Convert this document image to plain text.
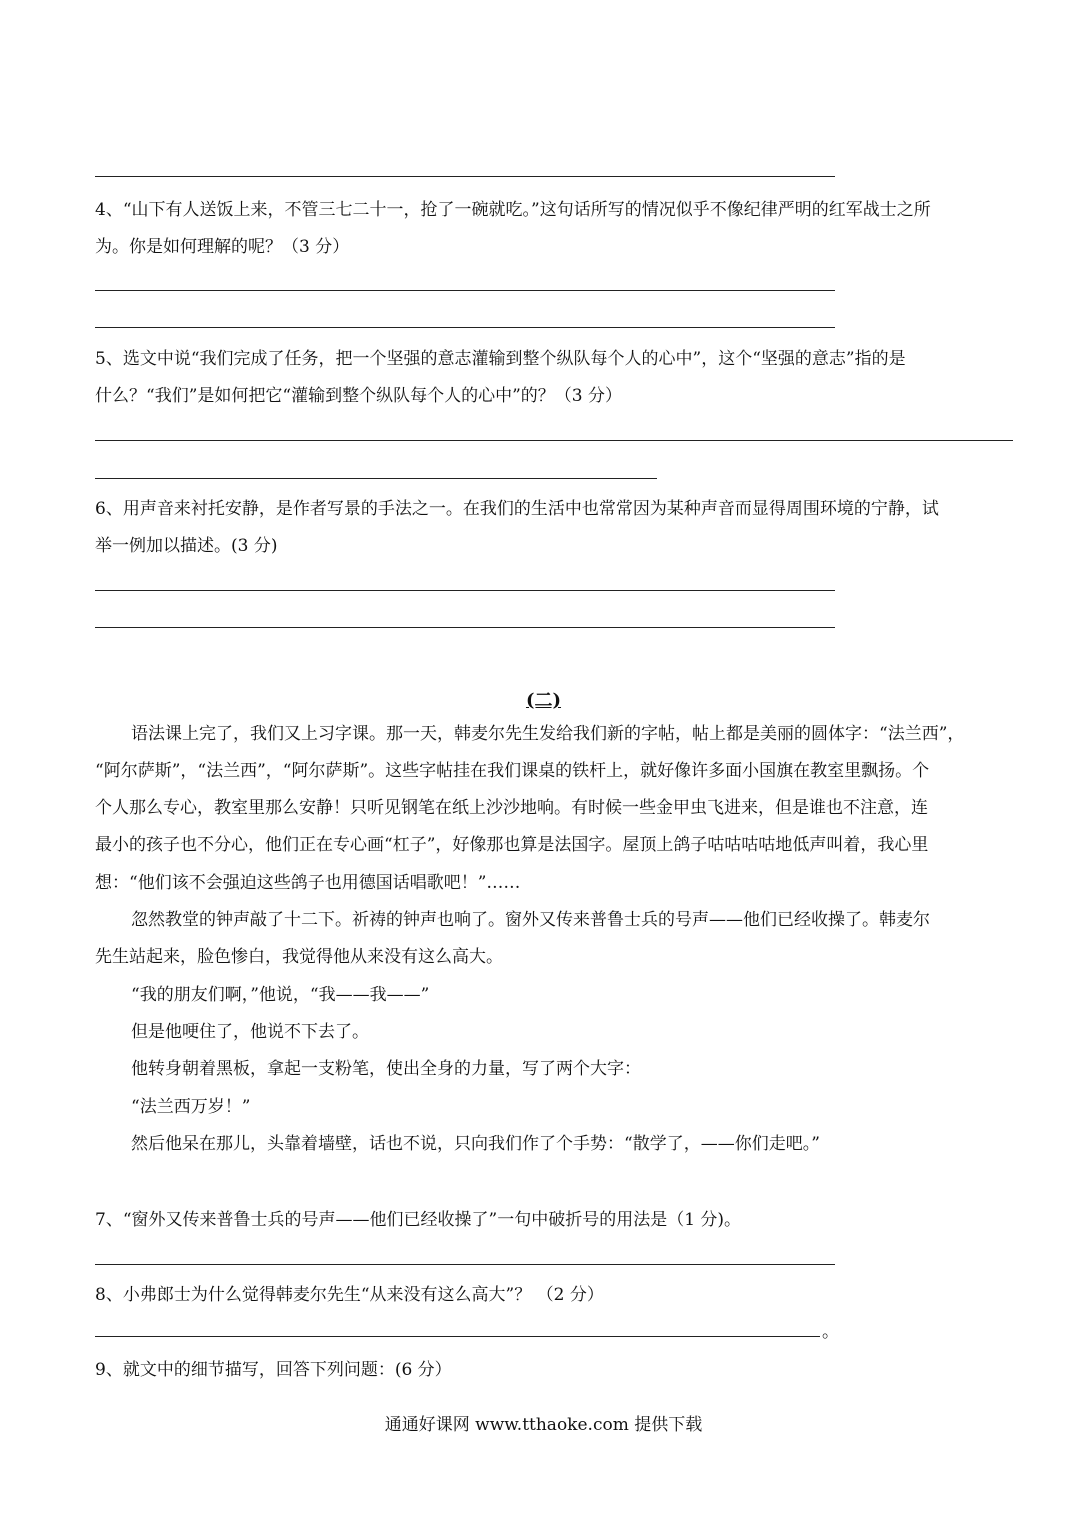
4、“山下有人送饭上来，不管三七二十一，抢了一碗就吃。”这句话所写的情况似乎不像纪律严明的红军战士之所
为。你是如何理解的呢？（3 分）
5、选文中说“我们完成了任务，把一个坚强的意志灌输到整个纵队每个人的心中”，这个“坚强的意志”指的是
什么？“我们”是如何把它“灌输到整个纵队每个人的心中”的？（3 分）
6、用声音来衬托安静，是作者写景的手法之一。在我们的生活中也常常因为某种声音而显得周围环境的宁静，试
举一例加以描述。(3 分)
(二)
语法课上完了，我们又上习字课。那一天，韩麦尔先生发给我们新的字帖，帖上都是美丽的圆体字：“法兰西”，
“阿尔萨斯”，“法兰西”，“阿尔萨斯”。这些字帖挂在我们课桌的铁杆上，就好像许多面小国旗在教室里飘扬。个
个人那么专心，教室里那么安静！只听见钢笔在纸上沙沙地响。有时候一些金甲虫飞进来，但是谁也不注意，连
最小的孩子也不分心，他们正在专心画“杠子”，好像那也算是法国字。屋顶上鸽子咕咕咕咕地低声叫着，我心里
想：“他们该不会强迫这些鸽子也用德国话唱歌吧！”……
忽然教堂的钟声敲了十二下。祈祷的钟声也响了。窗外又传来普鲁士兵的号声——他们已经收操了。韩麦尔
先生站起来，脸色惨白，我觉得他从来没有这么高大。
“我的朋友们啊，”他说，“我——我——”
但是他哽住了，他说不下去了。
他转身朝着黑板，拿起一支粉笔，使出全身的力量，写了两个大字：
“法兰西万岁！”
然后他呆在那儿，头靠着墙壁，话也不说，只向我们作了个手势：“散学了，——你们走吧。”
7、“窗外又传来普鲁士兵的号声——他们已经收操了”一句中破折号的用法是（1 分)。
8、小弗郎士为什么觉得韩麦尔先生“从来没有这么高大”？ （2 分）
。
9、就文中的细节描写，回答下列问题：(6 分）
通通好课网 www.tthaoke.com 提供下载
